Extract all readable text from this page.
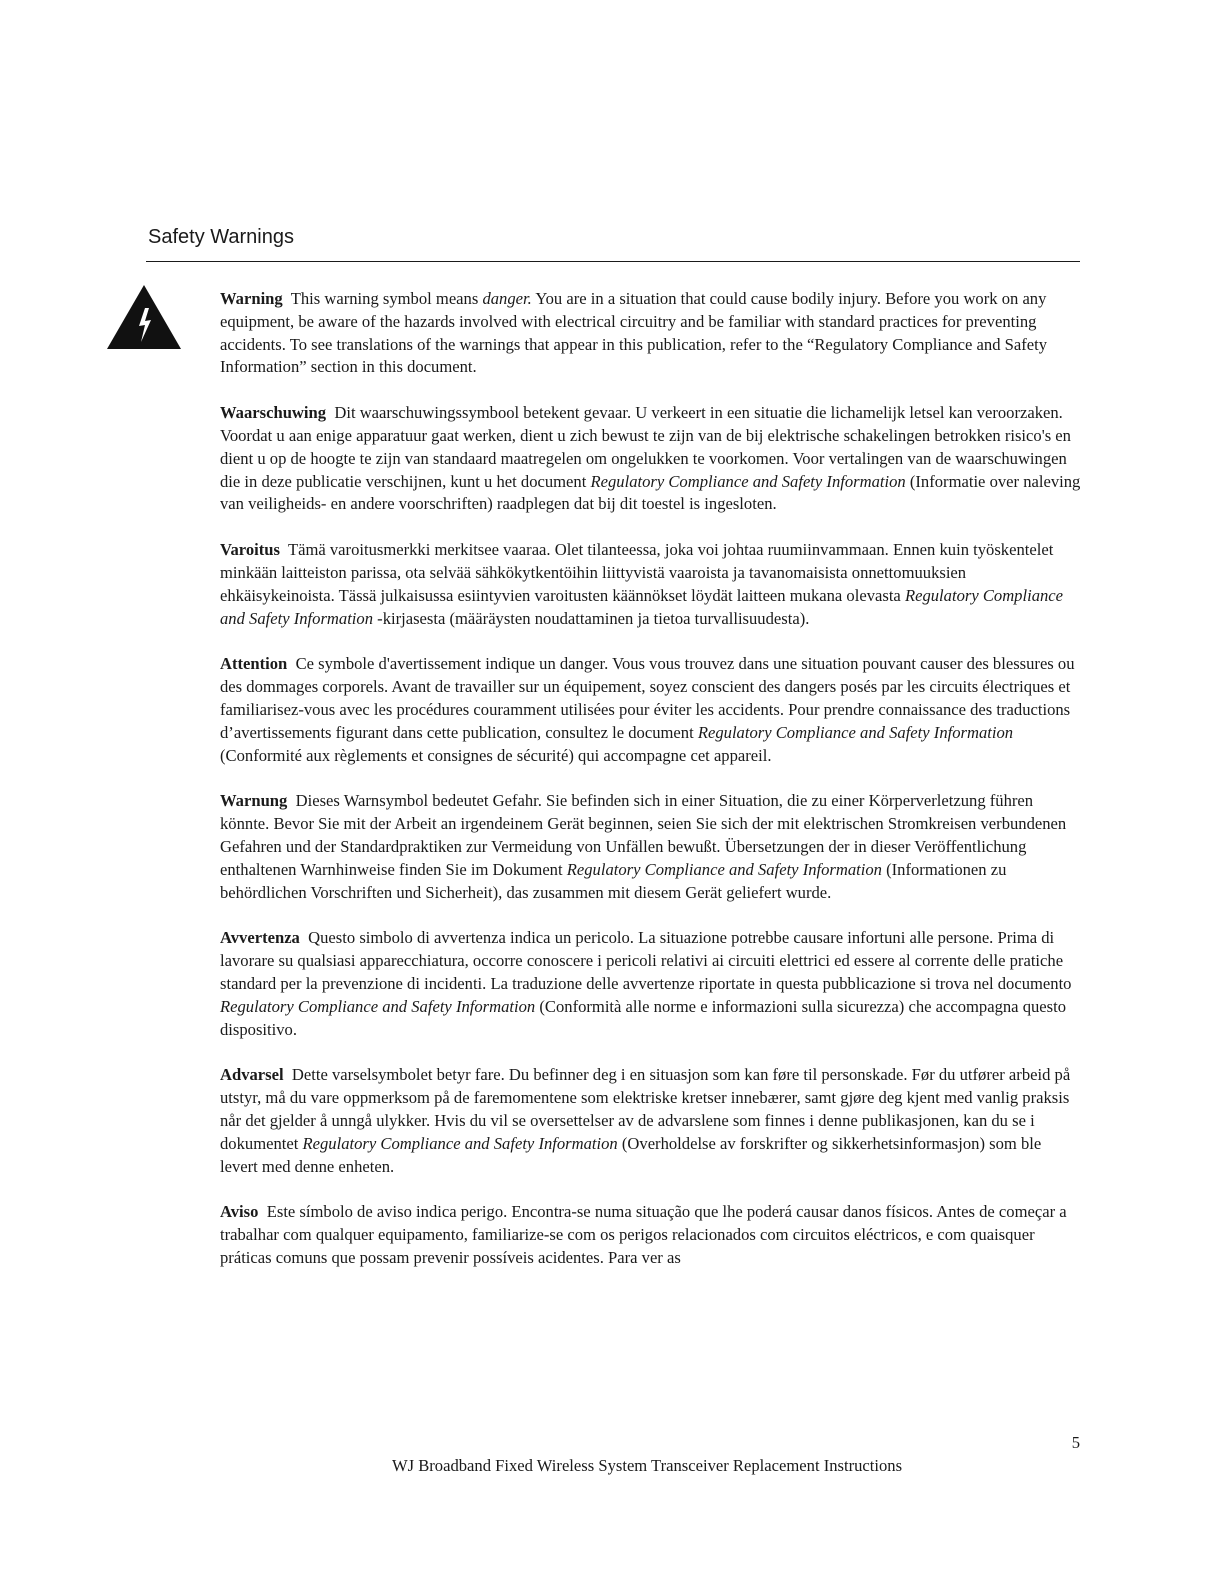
Safety Warnings

Warning This warning symbol means danger. You are in a situation that could cause bodily injury. Before you work on any equipment, be aware of the hazards involved with electrical circuitry and be familiar with standard practices for preventing accidents. To see translations of the warnings that appear in this publication, refer to the “Regulatory Compliance and Safety Information” section in this document.

Waarschuwing Dit waarschuwingssymbool betekent gevaar. U verkeert in een situatie die lichamelijk letsel kan veroorzaken. Voordat u aan enige apparatuur gaat werken, dient u zich bewust te zijn van de bij elektrische schakelingen betrokken risico's en dient u op de hoogte te zijn van standaard maatregelen om ongelukken te voorkomen. Voor vertalingen van de waarschuwingen die in deze publicatie verschijnen, kunt u het document Regulatory Compliance and Safety Information (Informatie over naleving van veiligheids- en andere voorschriften) raadplegen dat bij dit toestel is ingesloten.

Varoitus Tämä varoitusmerkki merkitsee vaaraa. Olet tilanteessa, joka voi johtaa ruumiinvammaan. Ennen kuin työskentelet minkään laitteiston parissa, ota selvää sähkökytkentöihin liittyvistä vaaroista ja tavanomaisista onnettomuuksien ehkäisykeinoista. Tässä julkaisussa esiintyvien varoitusten käännökset löydät laitteen mukana olevasta Regulatory Compliance and Safety Information -kirjasesta (määräysten noudattaminen ja tietoa turvallisuudesta).

Attention Ce symbole d'avertissement indique un danger. Vous vous trouvez dans une situation pouvant causer des blessures ou des dommages corporels. Avant de travailler sur un équipement, soyez conscient des dangers posés par les circuits électriques et familiarisez-vous avec les procédures couramment utilisées pour éviter les accidents. Pour prendre connaissance des traductions d’avertissements figurant dans cette publication, consultez le document Regulatory Compliance and Safety Information (Conformité aux règlements et consignes de sécurité) qui accompagne cet appareil.

Warnung Dieses Warnsymbol bedeutet Gefahr. Sie befinden sich in einer Situation, die zu einer Körperverletzung führen könnte. Bevor Sie mit der Arbeit an irgendeinem Gerät beginnen, seien Sie sich der mit elektrischen Stromkreisen verbundenen Gefahren und der Standardpraktiken zur Vermeidung von Unfällen bewußt. Übersetzungen der in dieser Veröffentlichung enthaltenen Warnhinweise finden Sie im Dokument Regulatory Compliance and Safety Information (Informationen zu behördlichen Vorschriften und Sicherheit), das zusammen mit diesem Gerät geliefert wurde.

Avvertenza Questo simbolo di avvertenza indica un pericolo. La situazione potrebbe causare infortuni alle persone. Prima di lavorare su qualsiasi apparecchiatura, occorre conoscere i pericoli relativi ai circuiti elettrici ed essere al corrente delle pratiche standard per la prevenzione di incidenti. La traduzione delle avvertenze riportate in questa pubblicazione si trova nel documento Regulatory Compliance and Safety Information (Conformità alle norme e informazioni sulla sicurezza) che accompagna questo dispositivo.

Advarsel Dette varselsymbolet betyr fare. Du befinner deg i en situasjon som kan føre til personskade. Før du utfører arbeid på utstyr, må du vare oppmerksom på de faremomentene som elektriske kretser innebærer, samt gjøre deg kjent med vanlig praksis når det gjelder å unngå ulykker. Hvis du vil se oversettelser av de advarslene som finnes i denne publikasjonen, kan du se i dokumentet Regulatory Compliance and Safety Information (Overholdelse av forskrifter og sikkerhetsinformasjon) som ble levert med denne enheten.

Aviso Este símbolo de aviso indica perigo. Encontra-se numa situação que lhe poderá causar danos físicos. Antes de começar a trabalhar com qualquer equipamento, familiarize-se com os perigos relacionados com circuitos eléctricos, e com quaisquer práticas comuns que possam prevenir possíveis acidentes. Para ver as

5
WJ Broadband Fixed Wireless System Transceiver Replacement Instructions
